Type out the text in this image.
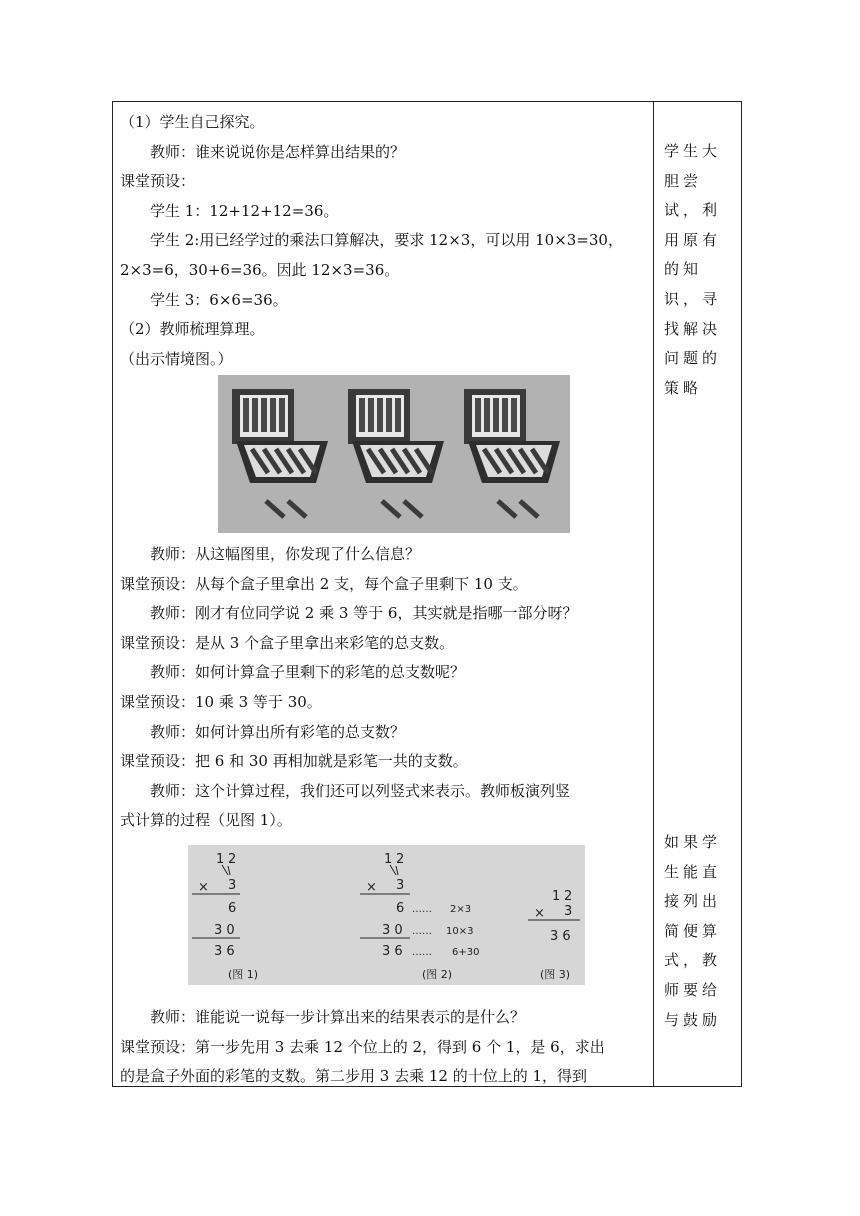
（1）学生自己探究。

教师：谁来说说你是怎样算出结果的？

课堂预设：

学生 1：12+12+12=36。

学生 2:用已经学过的乘法口算解决，要求 12×3，可以用 10×3=30，

2×3=6，30+6=36。因此 12×3=36。

学生 3：6×6=36。

（2）教师梳理算理。

（出示情境图。）

教师：从这幅图里，你发现了什么信息？

课堂预设：从每个盒子里拿出 2 支，每个盒子里剩下 10 支。

教师：刚才有位同学说 2 乘 3 等于 6，其实就是指哪一部分呀？

课堂预设：是从 3 个盒子里拿出来彩笔的总支数。

教师：如何计算盒子里剩下的彩笔的总支数呢？

课堂预设：10 乘 3 等于 30。

教师：如何计算出所有彩笔的总支数？

课堂预设：把 6 和 30 再相加就是彩笔一共的支数。

教师：这个计算过程，我们还可以列竖式来表示。教师板演列竖

式计算的过程（见图 1）。

1 2
× 3
6
3 0
3 6
(图 1)
1 2
× 3
6 …… 2×3
3 0 …… 10×3
3 6 …… 6+30
(图 2)
1 2
× 3
3 6
(图 3)

教师：谁能说一说每一步计算出来的结果表示的是什么？

课堂预设：第一步先用 3 去乘 12 个位上的 2，得到 6 个 1，是 6，求出

的是盒子外面的彩笔的支数。第二步用 3 去乘 12 的十位上的 1，得到

学生大胆尝试，利用原有的知识，寻找解决问题的策略
如果学生能直接列出简便算式，教师要给与鼓励
